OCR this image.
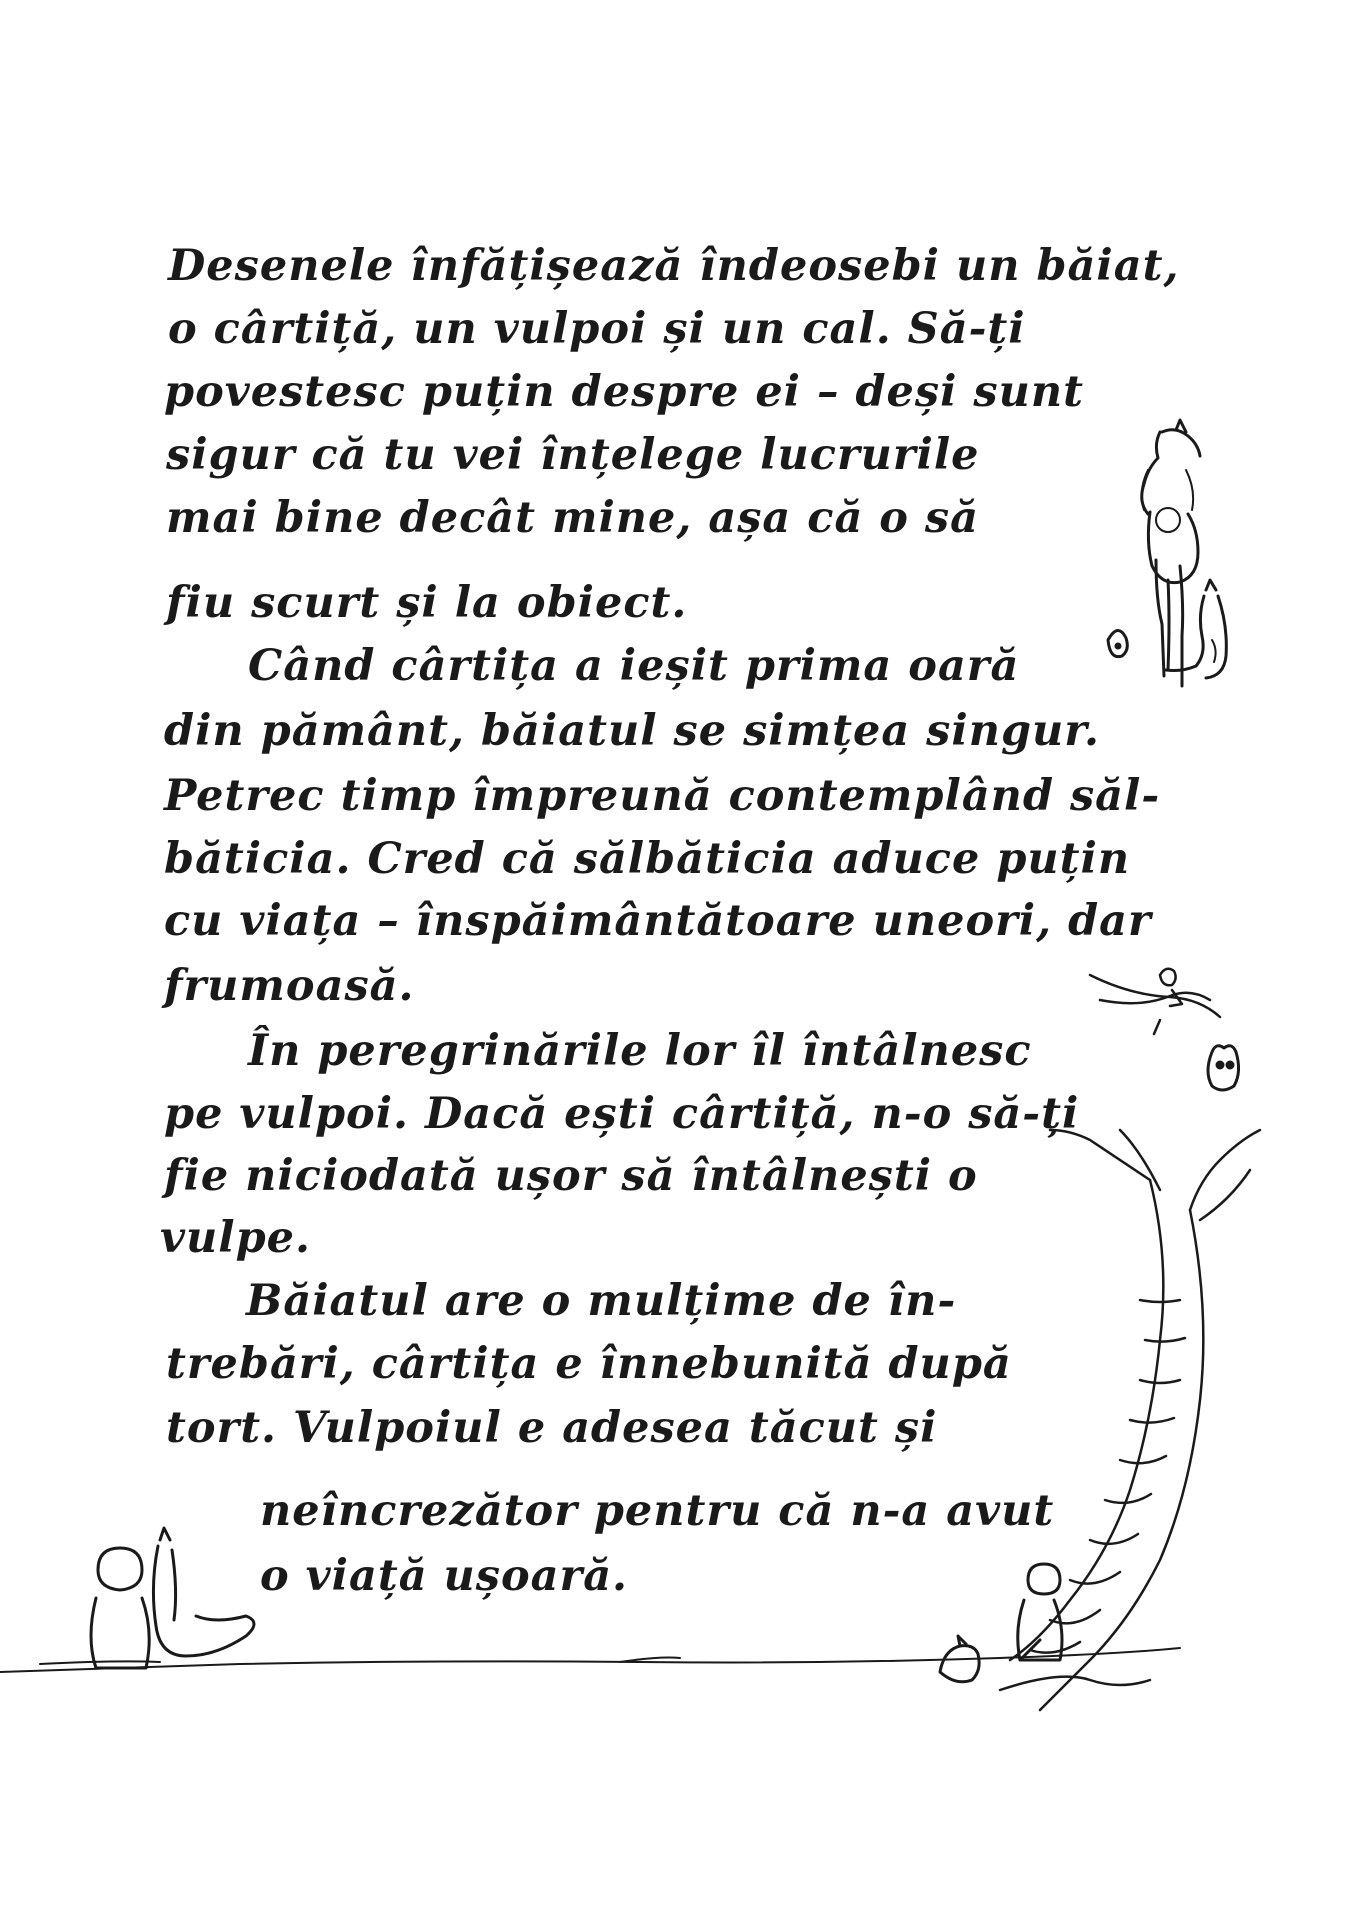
Desenele înfățișează îndeosebi un băiat,
o cârtiță, un vulpoi și un cal. Să-ți
povestesc puțin despre ei – deși sunt
sigur că tu vei înțelege lucrurile
mai bine decât mine, așa că o să
fiu scurt și la obiect.
Când cârtița a ieșit prima oară
din pământ, băiatul se simțea singur.
Petrec timp împreună contemplând săl-
băticia. Cred că sălbăticia aduce puțin
cu viața – înspăimântătoare uneori, dar
frumoasă.
În peregrinările lor îl întâlnesc
pe vulpoi. Dacă ești cârtiță, n-o să-ți
fie niciodată ușor să întâlnești o
vulpe.
Băiatul are o mulțime de în-
trebări, cârtița e înnebunită după
tort. Vulpoiul e adesea tăcut și
neîncrezător pentru că n-a avut
o viață ușoară.
